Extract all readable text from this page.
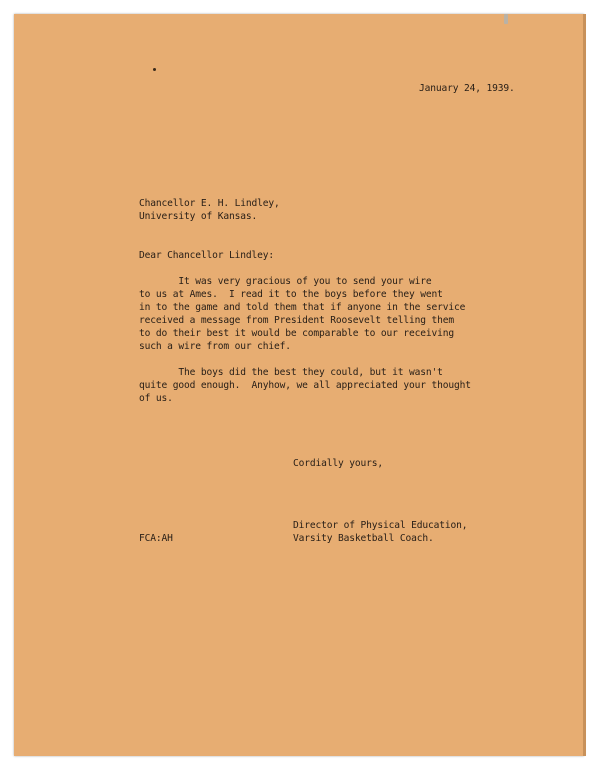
January 24, 1939.
Chancellor E. H. Lindley,
University of Kansas.
Dear Chancellor Lindley:
It was very gracious of you to send your wire
to us at Ames.  I read it to the boys before they went
in to the game and told them that if anyone in the service
received a message from President Roosevelt telling them
to do their best it would be comparable to our receiving
such a wire from our chief.
The boys did the best they could, but it wasn't
quite good enough.  Anyhow, we all appreciated your thought
of us.
Cordially yours,
Director of Physical Education,
FCA:AH	Varsity Basketball Coach.
